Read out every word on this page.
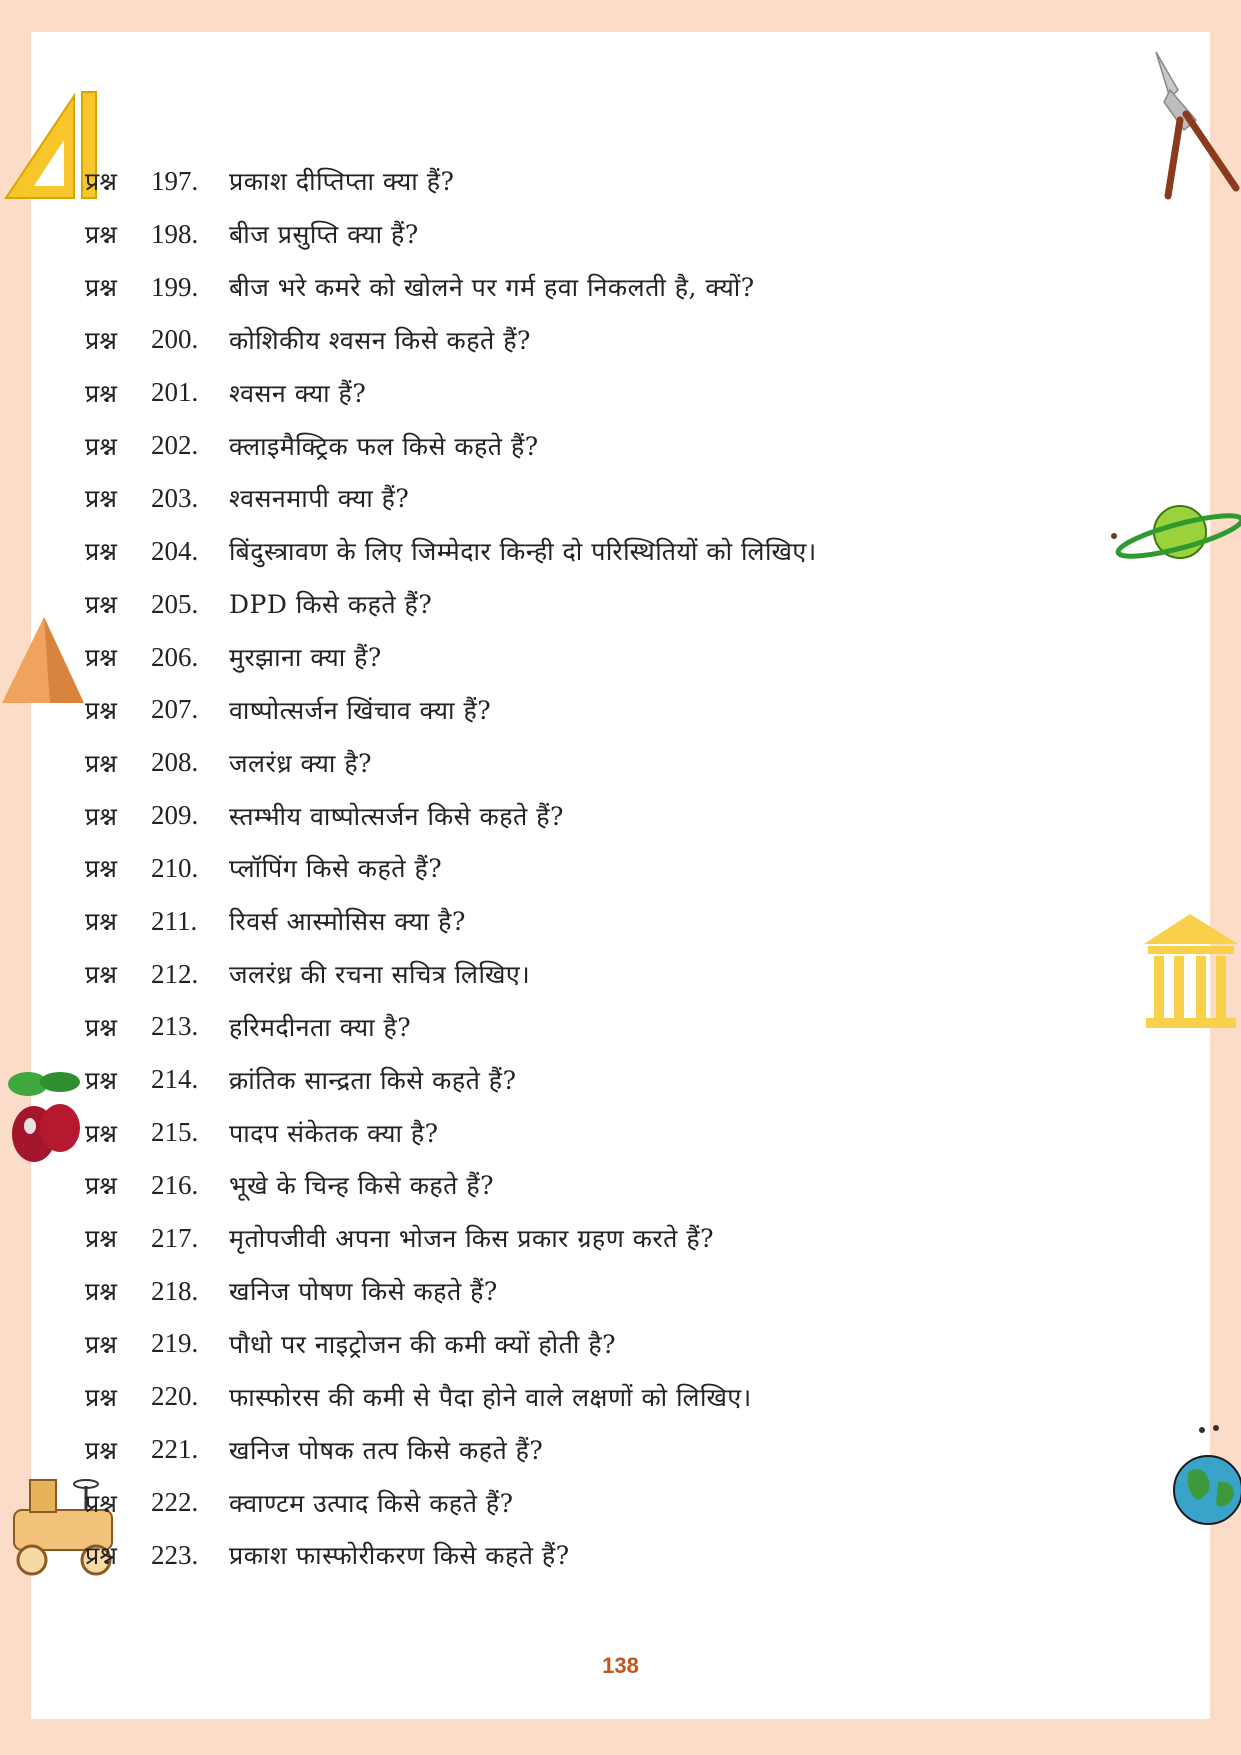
प्रश्न	197.	प्रकाश दीप्तिप्ता क्या हैं?
प्रश्न	198.	बीज प्रसुप्ति क्या हैं?
प्रश्न	199.	बीज भरे कमरे को खोलने पर गर्म हवा निकलती है, क्यों?
प्रश्न	200.	कोशिकीय श्वसन किसे कहते हैं?
प्रश्न	201.	श्वसन क्या हैं?
प्रश्न	202.	क्लाइमैक्ट्रिक फल किसे कहते हैं?
प्रश्न	203.	श्वसनमापी क्या हैं?
प्रश्न	204.	बिंदुस्त्रावण के लिए जिम्मेदार किन्ही दो परिस्थितियों को लिखिए।
प्रश्न	205.	DPD किसे कहते हैं?
प्रश्न	206.	मुरझाना क्या हैं?
प्रश्न	207.	वाष्पोत्सर्जन खिंचाव क्या हैं?
प्रश्न	208.	जलरंध्र क्या है?
प्रश्न	209.	स्तम्भीय वाष्पोत्सर्जन किसे कहते हैं?
प्रश्न	210.	प्लॉपिंग किसे कहते हैं?
प्रश्न	211.	रिवर्स आस्मोसिस क्या है?
प्रश्न	212.	जलरंध्र की रचना सचित्र लिखिए।
प्रश्न	213.	हरिमदीनता क्या है?
प्रश्न	214.	क्रांतिक सान्द्रता किसे कहते हैं?
प्रश्न	215.	पादप संकेतक क्या है?
प्रश्न	216.	भूखे के चिन्ह किसे कहते हैं?
प्रश्न	217.	मृतोपजीवी अपना भोजन किस प्रकार ग्रहण करते हैं?
प्रश्न	218.	खनिज पोषण किसे कहते हैं?
प्रश्न	219.	पौधो पर नाइट्रोजन की कमी क्यों होती है?
प्रश्न	220.	फास्फोरस की कमी से पैदा होने वाले लक्षणों को लिखिए।
प्रश्न	221.	खनिज पोषक तत्प किसे कहते हैं?
प्रश्न	222.	क्वाण्टम उत्पाद किसे कहते हैं?
प्रश्न	223.	प्रकाश फास्फोरीकरण किसे कहते हैं?
138
